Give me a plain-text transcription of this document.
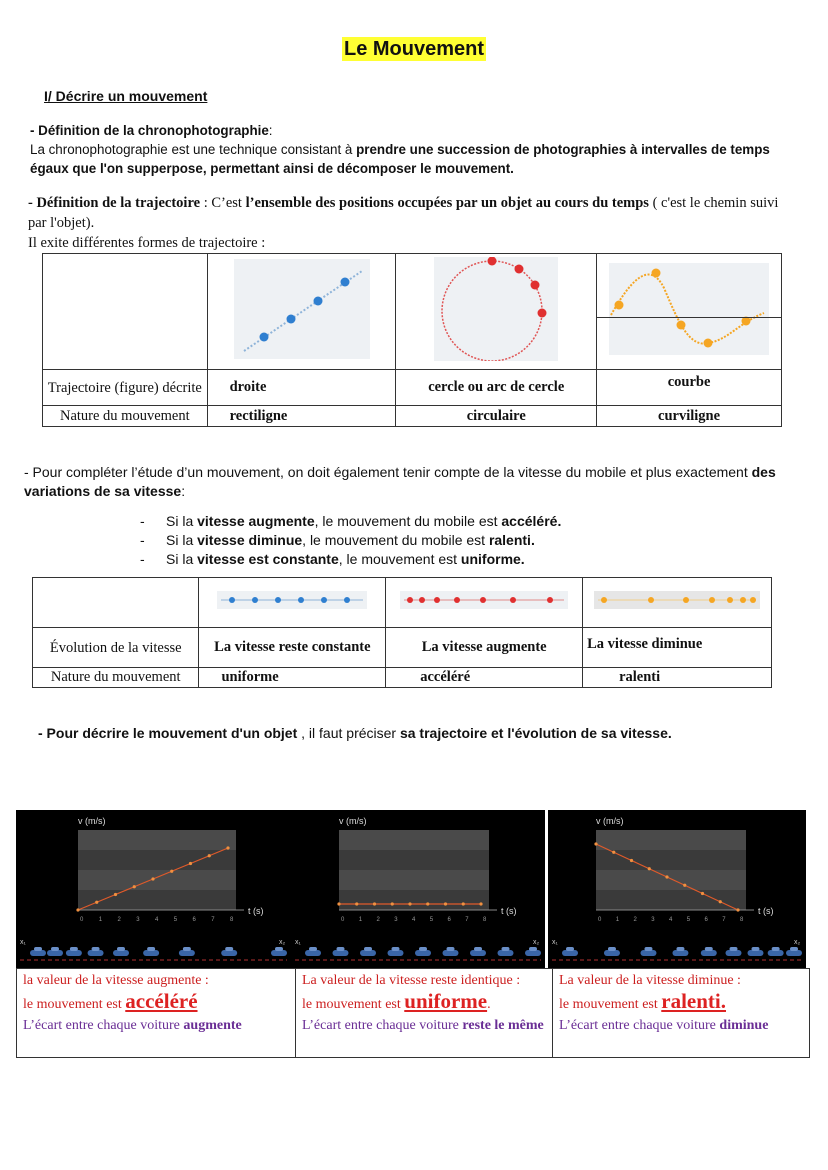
Le Mouvement
I/ Décrire un mouvement
- Définition de la chronophotographie:
La chronophotographie est une technique consistant à prendre une succession de photographies à intervalles de temps égaux que l'on supperpose, permettant ainsi de décomposer le mouvement.
- Définition de la trajectoire : C’est l’ensemble des positions occupées par un objet au cours du temps ( c'est le chemin suivi par l'objet).
Il exite différentes formes de trajectoire :

Trajectoire (figure) décrite	droite	cercle ou arc de cercle	courbe
Nature du mouvement	rectiligne	circulaire	curviligne
- Pour compléter l’étude d’un mouvement, on doit également tenir compte de la vitesse du mobile et plus exactement des variations de sa vitesse:
- Si la vitesse augmente, le mouvement du mobile est accéléré.
- Si la vitesse diminue, le mouvement du mobile est ralenti.
- Si la vitesse est constante, le mouvement est uniforme.

Évolution de la vitesse	La vitesse reste constante	La vitesse augmente	La vitesse diminue
Nature du mouvement	uniforme	accéléré	ralenti
- Pour décrire le mouvement d'un objet , il faut préciser sa trajectoire et l'évolution de sa vitesse.
v (m/s)
t (s)
0	1	2	3	4	5	6	7	8
x₁	x₂
v (m/s)
t (s)
0 1 2 3 4 5 6 7 8
x₁	x₂
v (m/s)
t (s)
0 1 2 3 4 5 6 7 8
x₁	x₂
la valeur de la vitesse augmente :
le mouvement est accéléré
L’écart entre chaque voiture augmente

La valeur de la vitesse reste identique :
le mouvement est uniforme.
L’écart entre chaque voiture reste le même

La valeur de la vitesse diminue :
le mouvement est ralenti.
L’écart entre chaque voiture diminue
